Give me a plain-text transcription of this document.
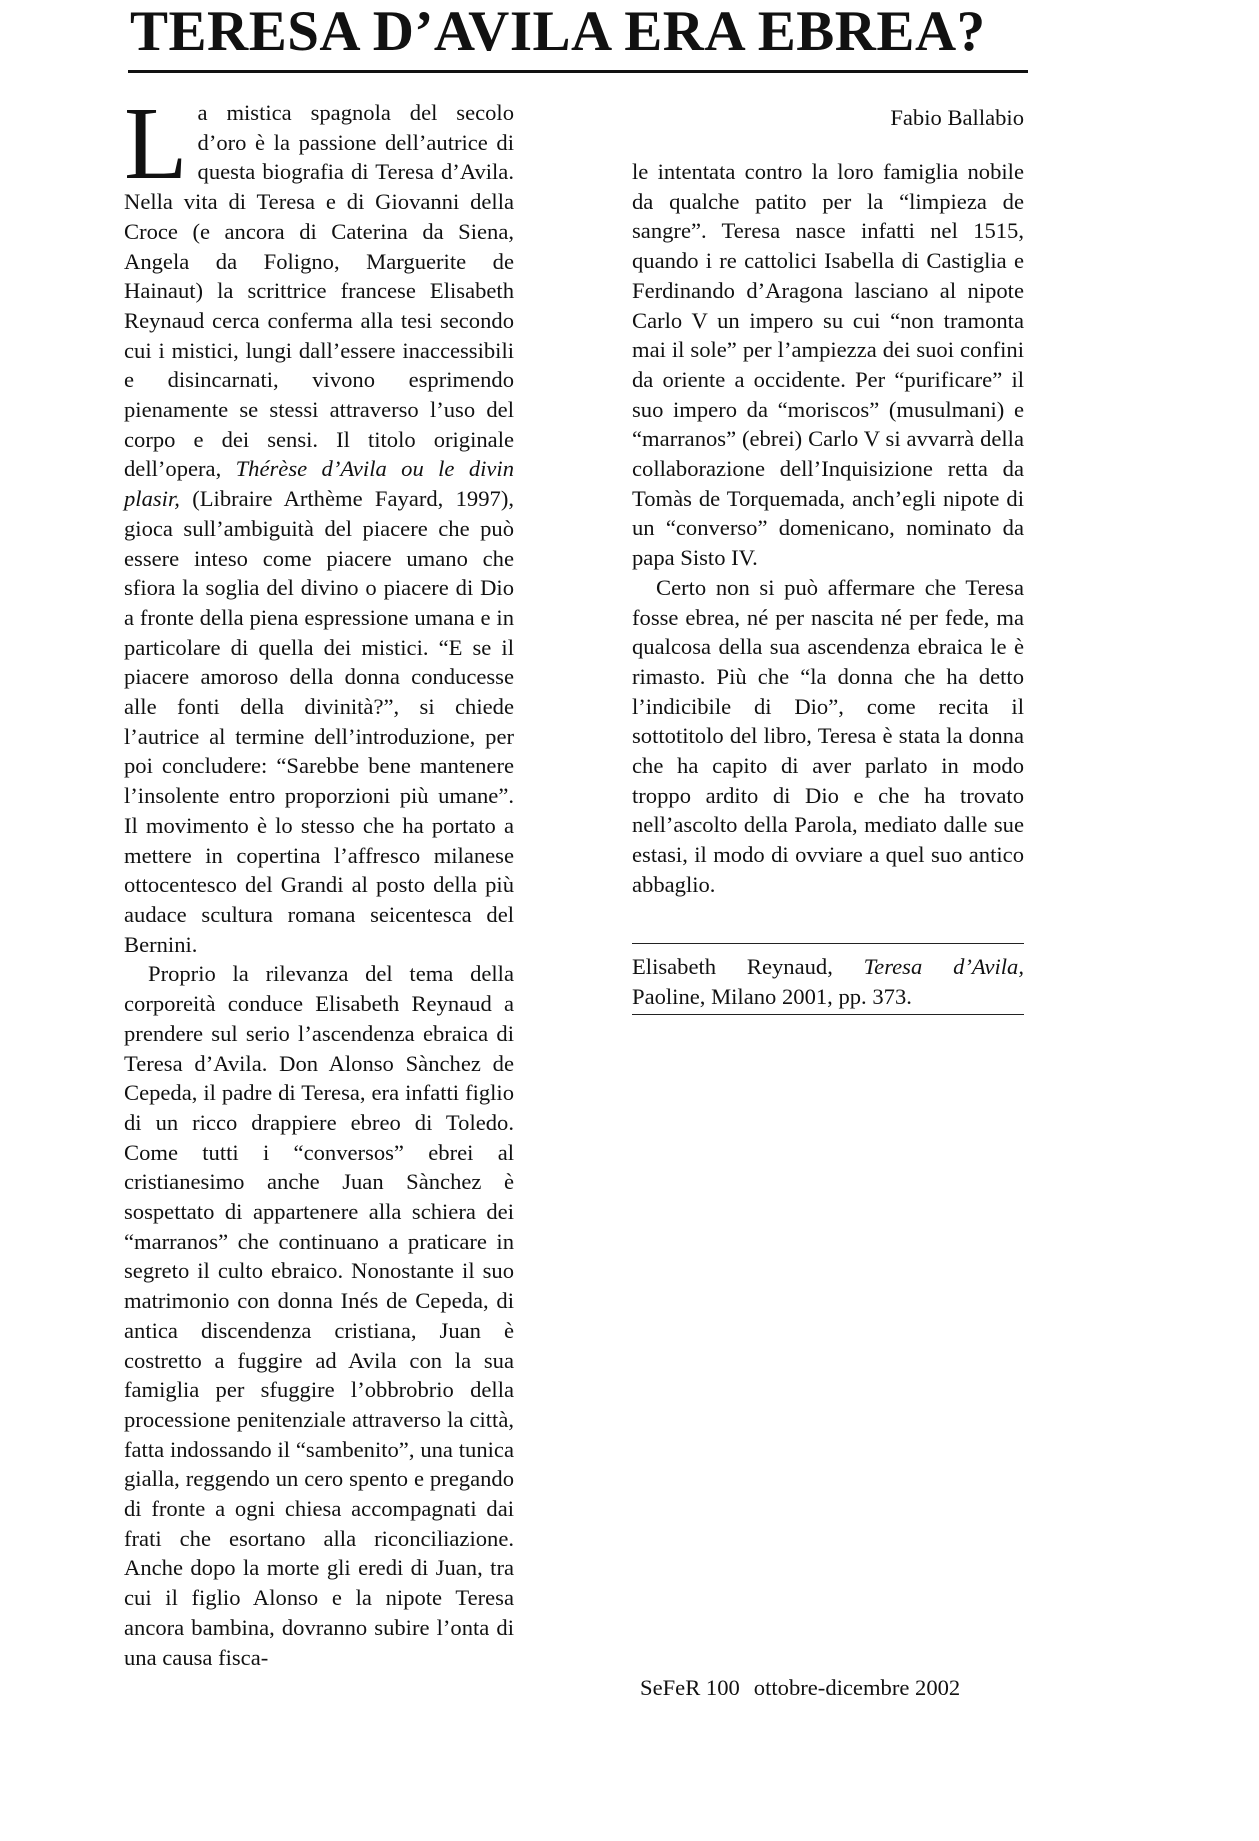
TERESA D’AVILA ERA EBREA?
Fabio Ballabio

La mistica spagnola del secolo d’oro è la passione dell’autrice di questa biografia di Teresa d’Avila. Nella vita di Teresa e di Giovanni della Croce (e ancora di Caterina da Siena, Angela da Foligno, Marguerite de Hainaut) la scrittrice francese Elisabeth Reynaud cerca conferma alla tesi secondo cui i mistici, lungi dall’essere inaccessibili e disincarnati, vivono esprimendo pienamente se stessi attraverso l’uso del corpo e dei sensi. Il titolo originale dell’opera, Thérèse d’Avila ou le divin plasir, (Libraire Arthème Fayard, 1997), gioca sull’ambiguità del piacere che può essere inteso come piacere umano che sfiora la soglia del divino o piacere di Dio a fronte della piena espressione umana e in particolare di quella dei mistici. “E se il piacere amoroso della donna conducesse alle fonti della divinità?”, si chiede l’autrice al termine dell’introduzione, per poi concludere: “Sarebbe bene mantenere l’insolente entro proporzioni più umane”. Il movimento è lo stesso che ha portato a mettere in copertina l’affresco milanese ottocentesco del Grandi al posto della più audace scultura romana seicentesca del Bernini.

Proprio la rilevanza del tema della corporeità conduce Elisabeth Reynaud a prendere sul serio l’ascendenza ebraica di Teresa d’Avila. Don Alonso Sànchez de Cepeda, il padre di Teresa, era infatti figlio di un ricco drappiere ebreo di Toledo. Come tutti i “conversos” ebrei al cristianesimo anche Juan Sànchez è sospettato di appartenere alla schiera dei “marranos” che continuano a praticare in segreto il culto ebraico. Nonostante il suo matrimonio con donna Inés de Cepeda, di antica discendenza cristiana, Juan è costretto a fuggire ad Avila con la sua famiglia per sfuggire l’obbrobrio della processione penitenziale attraverso la città, fatta indossando il “sambenito”, una tunica gialla, reggendo un cero spento e pregando di fronte a ogni chiesa accompagnati dai frati che esortano alla riconciliazione. Anche dopo la morte gli eredi di Juan, tra cui il figlio Alonso e la nipote Teresa ancora bambina, dovranno subire l’onta di una causa fisca-

le intentata contro la loro famiglia nobile da qualche patito per la “limpieza de sangre”. Teresa nasce infatti nel 1515, quando i re cattolici Isabella di Castiglia e Ferdinando d’Aragona lasciano al nipote Carlo V un impero su cui “non tramonta mai il sole” per l’ampiezza dei suoi confini da oriente a occidente. Per “purificare” il suo impero da “moriscos” (musulmani) e “marranos” (ebrei) Carlo V si avvarrà della collaborazione dell’Inquisizione retta da Tomàs de Torquemada, anch’egli nipote di un “converso” domenicano, nominato da papa Sisto IV.

Certo non si può affermare che Teresa fosse ebrea, né per nascita né per fede, ma qualcosa della sua ascendenza ebraica le è rimasto. Più che “la donna che ha detto l’indicibile di Dio”, come recita il sottotitolo del libro, Teresa è stata la donna che ha capito di aver parlato in modo troppo ardito di Dio e che ha trovato nell’ascolto della Parola, mediato dalle sue estasi, il modo di ovviare a quel suo antico abbaglio.

Elisabeth Reynaud, Teresa d’Avila, Paoline, Milano 2001, pp. 373.
SeFeR 100 ottobre-dicembre 2002
